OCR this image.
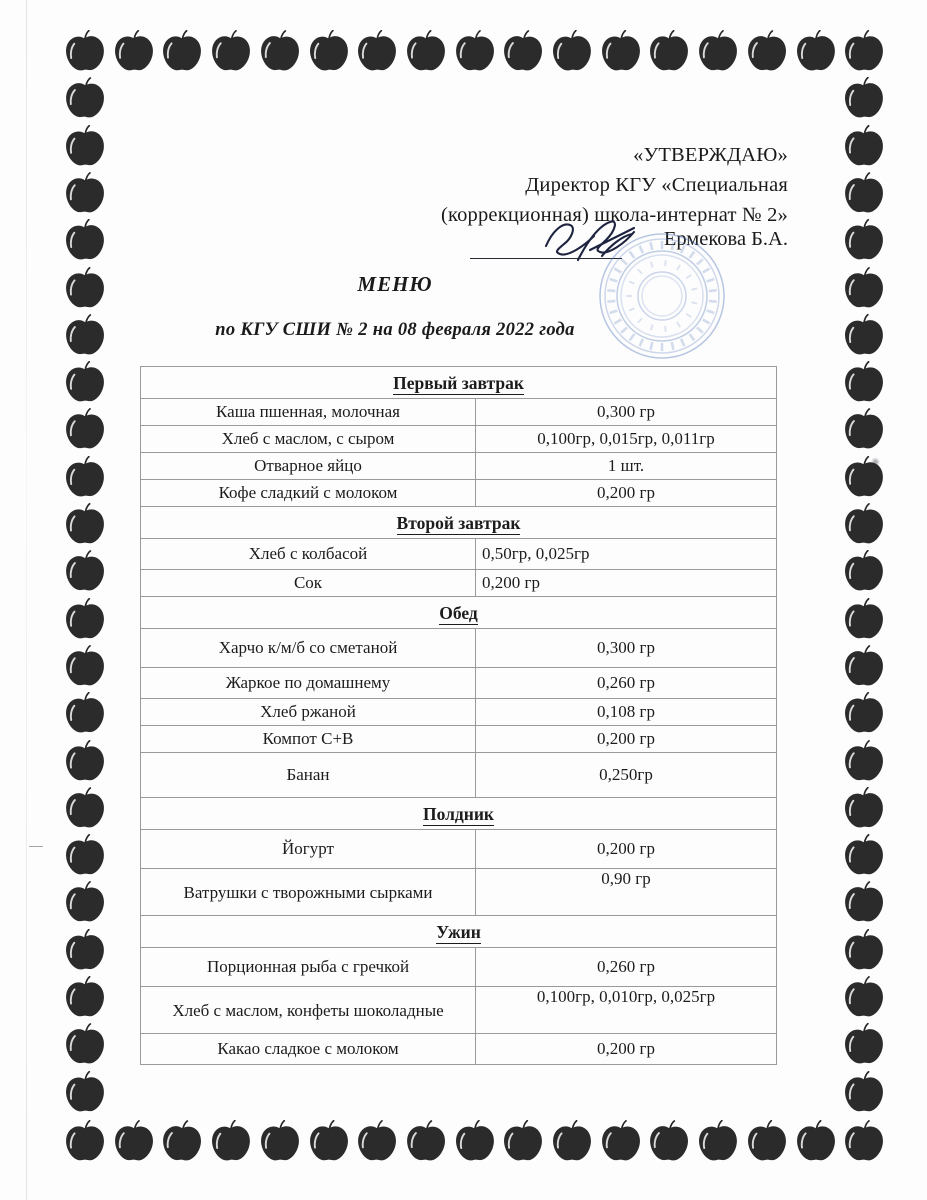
«УТВЕРЖДАЮ»
Директор КГУ «Специальная
(коррекционная) школа-интернат № 2»
Ермекова Б.А.
МЕНЮ
по КГУ СШИ № 2 на 08 февраля 2022 года
Первый завтрак	
Каша пшенная, молочная	0,300 гр
Хлеб с маслом, с сыром	0,100гр, 0,015гр, 0,011гр
Отварное яйцо	1 шт.
Кофе сладкий с молоком	0,200 гр
Второй завтрак	
Хлеб с колбасой	0,50гр, 0,025гр
Сок	0,200 гр
Обед	
Харчо к/м/б со сметаной	0,300 гр
Жаркое по домашнему	0,260 гр
Хлеб ржаной	0,108 гр
Компот С+В	0,200 гр
Банан	0,250гр
Полдник	
Йогурт	0,200 гр
Ватрушки с творожными сырками	0,90 гр
Ужин	
Порционная рыба с гречкой	0,260 гр
Хлеб с маслом, конфеты шоколадные	0,100гр, 0,010гр, 0,025гр
Какао сладкое с молоком	0,200 гр
